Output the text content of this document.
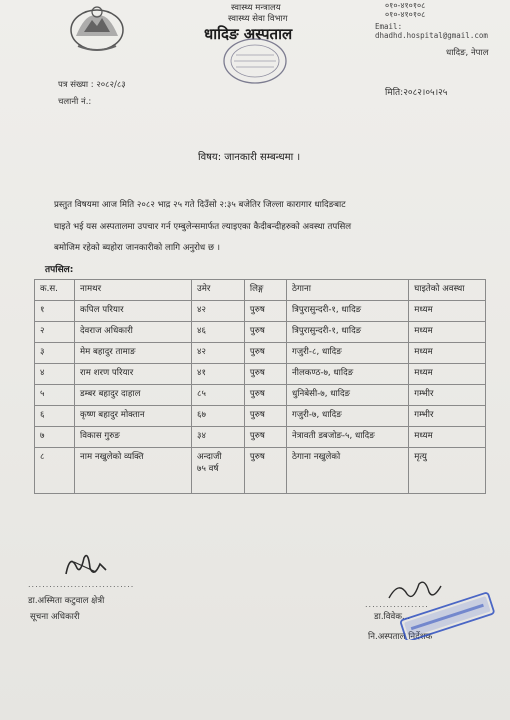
स्वास्थ्य मन्त्रालय
स्वास्थ्य सेवा विभाग
धादिङ अस्पताल
०१०-४१०१०८
०१०-४१०१०८
Email: dhadhd.hospital@gmail.com
धादिङ, नेपाल
पत्र संख्या : २०८२/८३
चलानी नं.:
मिति:२०८२।०५।२५
विषय: जानकारी सम्बन्धमा ।
प्रस्तुत विषयमा आज मिति २०८२ भाद्र २५ गते दिउँसो २:३५ बजेतिर जिल्ला कारागार धादिङबाट
घाइते भई यस अस्पतालमा उपचार गर्न एम्बुलेन्समार्फत ल्याइएका कैदीबन्दीहरुको अवस्था तपसिल
बमोजिम रहेको ब्यहोरा जानकारीको लागि अनुरोध छ ।
तपसिल:
क.स.	नामथर	उमेर	लिङ्ग	ठेगाना	घाइतेको अवस्था
१	कपिल परियार	४२	पुरुष	त्रिपुरासुन्दरी-१, धादिङ	मध्यम
२	देवराज अधिकारी	४६	पुरुष	त्रिपुरासुन्दरी-१, धादिङ	मध्यम
३	मेम बहादुर तामाङ	४२	पुरुष	गजुरी-८, धादिङ	मध्यम
४	राम शरण परियार	४१	पुरुष	नीलकण्ठ-७, धादिङ	मध्यम
५	डम्बर बहादुर दाहाल	८५	पुरुष	धुनिबेसी-७, धादिङ	गम्भीर
६	कृष्ण बहादुर मोक्तान	६७	पुरुष	गजुरी-७, धादिङ	गम्भीर
७	विकास गुरुङ	३४	पुरुष	नेत्रावती डबजोङ-५, धादिङ	मध्यम
८	नाम नखुलेको व्यक्ति	अन्दाजी
७५ वर्ष	पुरुष	ठेगाना नखुलेको	मृत्यु
..............................
डा.अस्मिता कटुवाल क्षेत्री
सूचना अधिकारी
..................
डा.विवेक...
नि.अस्पताल निर्देशक
